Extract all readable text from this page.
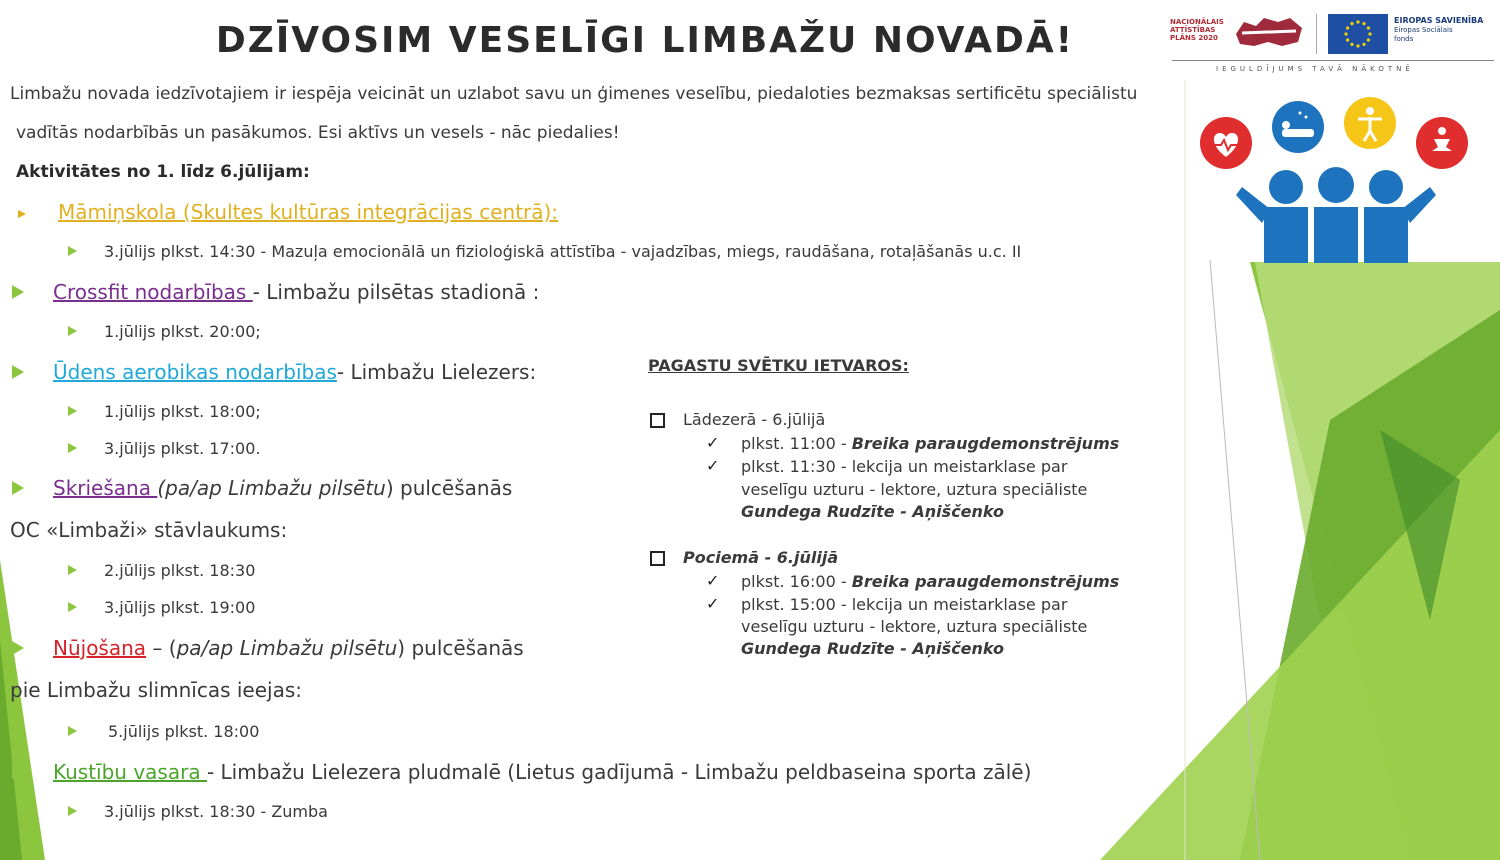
NACIONĀLAIS
ATTĪSTĪBAS
PLĀNS 2020
EIROPAS SAVIENĪBA
Eiropas Sociālais
fonds
IEGULDĪJUMS TAVĀ NĀKOTNĒ
DZĪVOSIM VESELĪGI LIMBAŽU NOVADĀ!
Limbažu novada iedzīvotajiem ir iespēja veicināt un uzlabot savu un ģimenes veselību, piedaloties bezmaksas sertificētu speciālistu
vadītās nodarbībās un pasākumos. Esi aktīvs un vesels - nāc piedalies!
Aktivitātes no 1. līdz 6.jūlijam:
Māmiņskola (Skultes kultūras integrācijas centrā):
3.jūlijs plkst. 14:30 - Mazuļa emocionālā un fizioloģiskā attīstība - vajadzības, miegs, raudāšana, rotaļāšanās u.c. II
Crossfit nodarbības - Limbažu pilsētas stadionā :
1.jūlijs plkst. 20:00;
Ūdens aerobikas nodarbības- Limbažu Lielezers:
1.jūlijs plkst. 18:00;
3.jūlijs plkst. 17:00.
Skriešana (pa/ap Limbažu pilsētu) pulcēšanās
OC «Limbaži» stāvlaukums:
2.jūlijs plkst. 18:30
3.jūlijs plkst. 19:00
Nūjošana – (pa/ap Limbažu pilsētu) pulcēšanās
pie Limbažu slimnīcas ieejas:
5.jūlijs plkst. 18:00
Kustību vasara - Limbažu Lielezera pludmalē (Lietus gadījumā - Limbažu peldbaseina sporta zālē)
3.jūlijs plkst. 18:30 - Zumba
PAGASTU SVĒTKU IETVAROS:
Lādezerā - 6.jūlijā
✓ plkst. 11:00 - Breika paraugdemonstrējums
✓ plkst. 11:30 - lekcija un meistarklase par
veselīgu uzturu - lektore, uztura speciāliste
Gundega Rudzīte - Aņiščenko
Pociemā - 6.jūlijā
✓ plkst. 16:00 - Breika paraugdemonstrējums
✓ plkst. 15:00 - lekcija un meistarklase par
veselīgu uzturu - lektore, uztura speciāliste
Gundega Rudzīte - Aņiščenko
